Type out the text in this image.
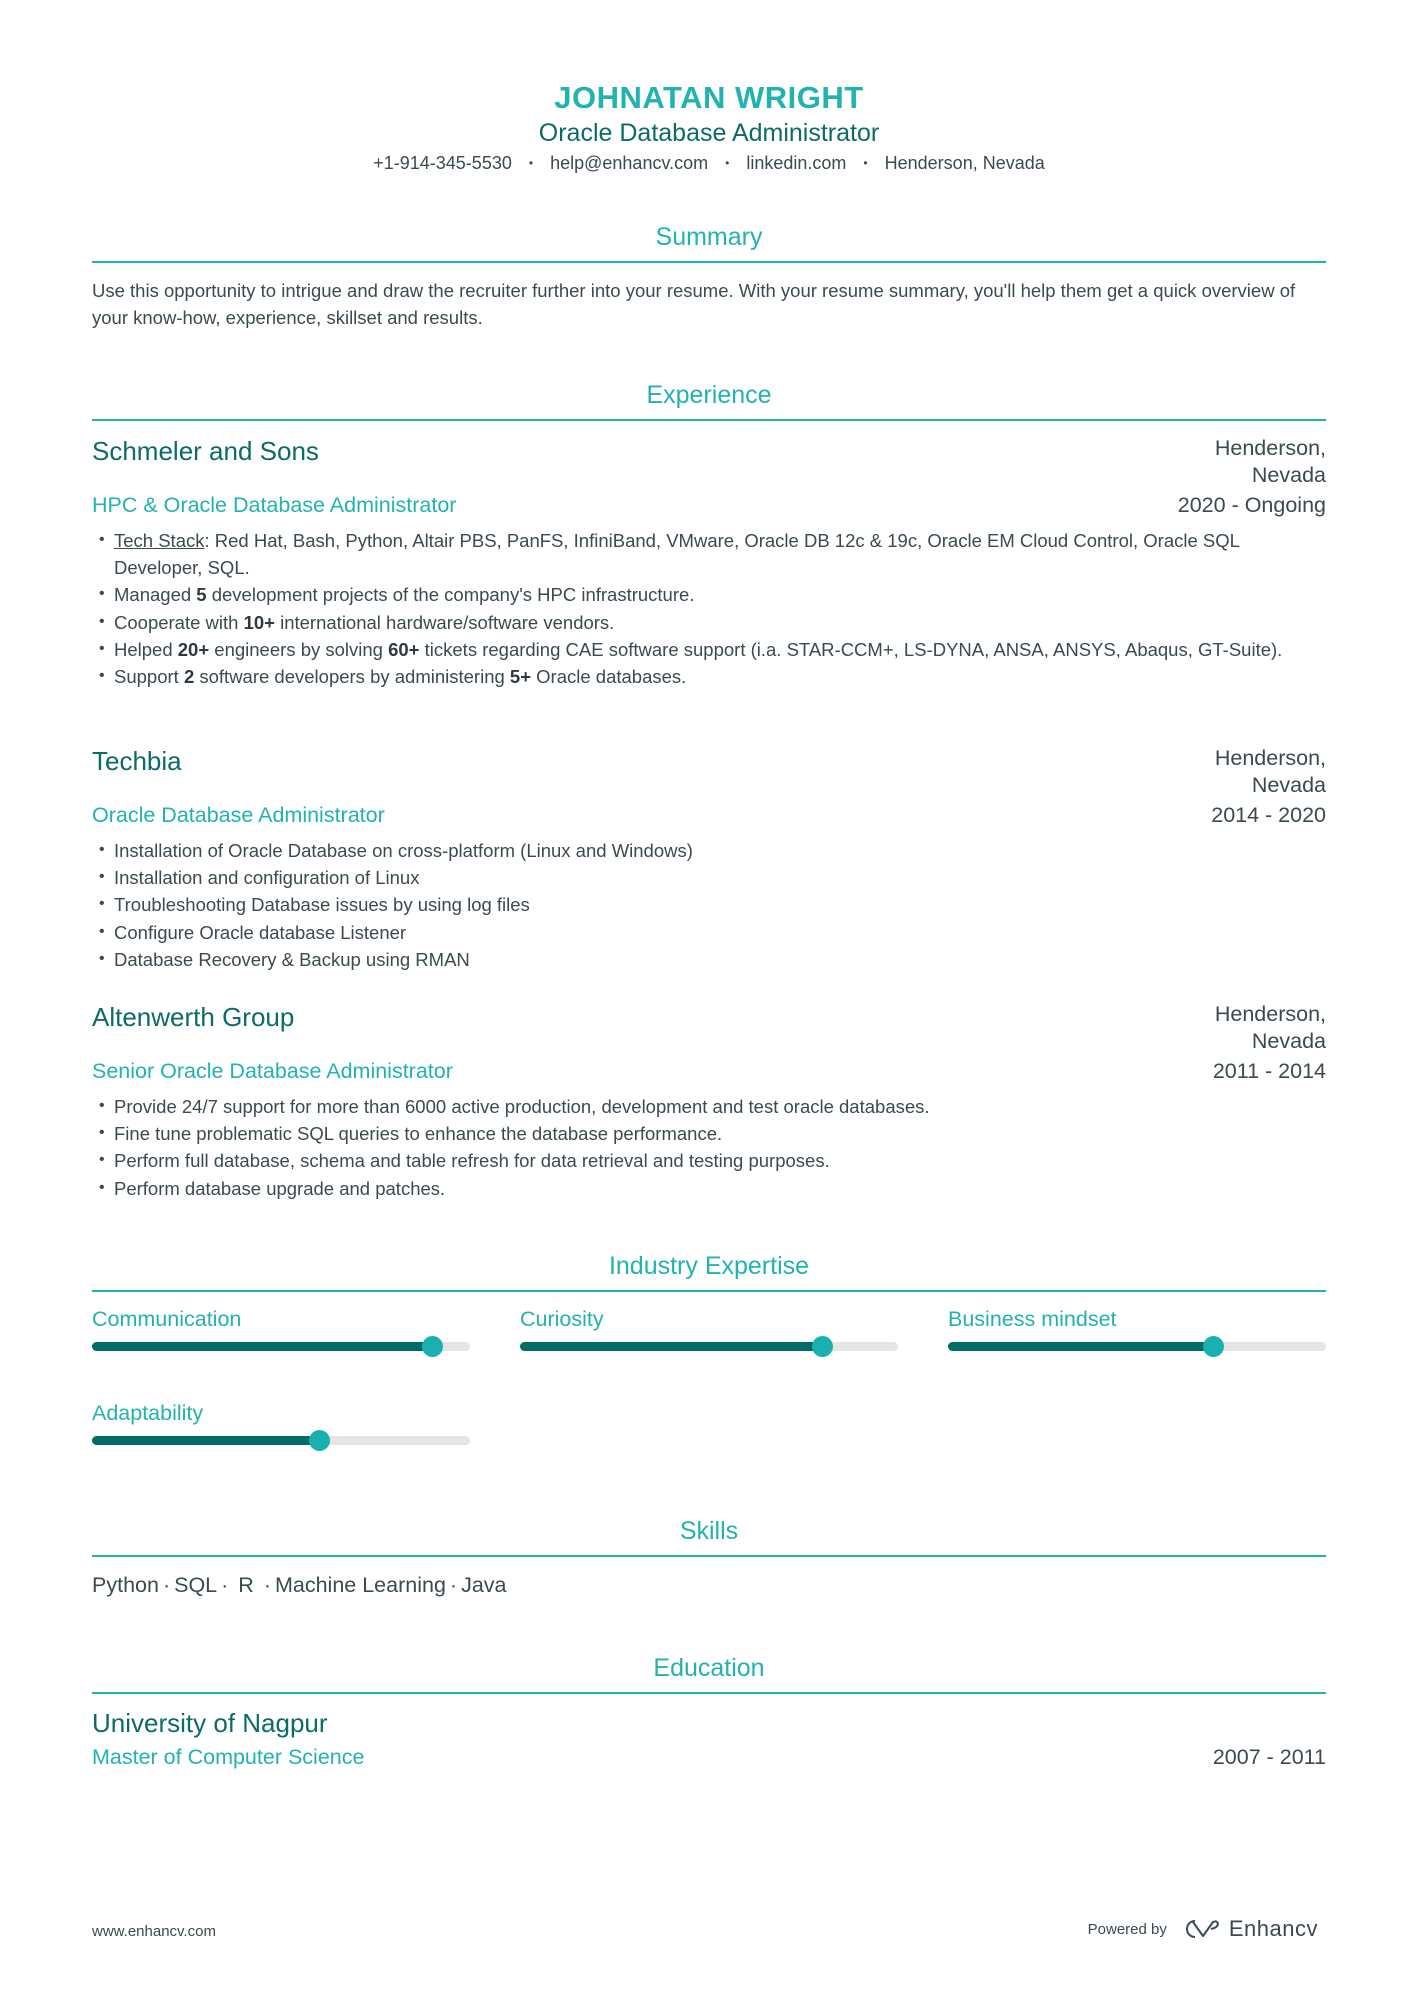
JOHNATAN WRIGHT
Oracle Database Administrator
+1-914-345-5530 • help@enhancv.com • linkedin.com • Henderson, Nevada
Summary
Use this opportunity to intrigue and draw the recruiter further into your resume. With your resume summary, you'll help them get a quick overview of your know-how, experience, skillset and results.
Experience
Schmeler and Sons	Henderson,
Nevada
HPC & Oracle Database Administrator	2020 - Ongoing
• Tech Stack: Red Hat, Bash, Python, Altair PBS, PanFS, InfiniBand, VMware, Oracle DB 12c & 19c, Oracle EM Cloud Control, Oracle SQL Developer, SQL.
• Managed 5 development projects of the company's HPC infrastructure.
• Cooperate with 10+ international hardware/software vendors.
• Helped 20+ engineers by solving 60+ tickets regarding CAE software support (i.a. STAR-CCM+, LS-DYNA, ANSA, ANSYS, Abaqus, GT-Suite).
• Support 2 software developers by administering 5+ Oracle databases.
Techbia	Henderson,
Nevada
Oracle Database Administrator	2014 - 2020
• Installation of Oracle Database on cross-platform (Linux and Windows)
• Installation and configuration of Linux
• Troubleshooting Database issues by using log files
• Configure Oracle database Listener
• Database Recovery & Backup using RMAN
Altenwerth Group	Henderson,
Nevada
Senior Oracle Database Administrator	2011 - 2014
• Provide 24/7 support for more than 6000 active production, development and test oracle databases.
• Fine tune problematic SQL queries to enhance the database performance.
• Perform full database, schema and table refresh for data retrieval and testing purposes.
• Perform database upgrade and patches.
Industry Expertise
Communication	Curiosity	Business mindset
Adaptability
Skills
Python · SQL · R · Machine Learning · Java
Education
University of Nagpur
Master of Computer Science	2007 - 2011
www.enhancv.com	Powered by	Enhancv
